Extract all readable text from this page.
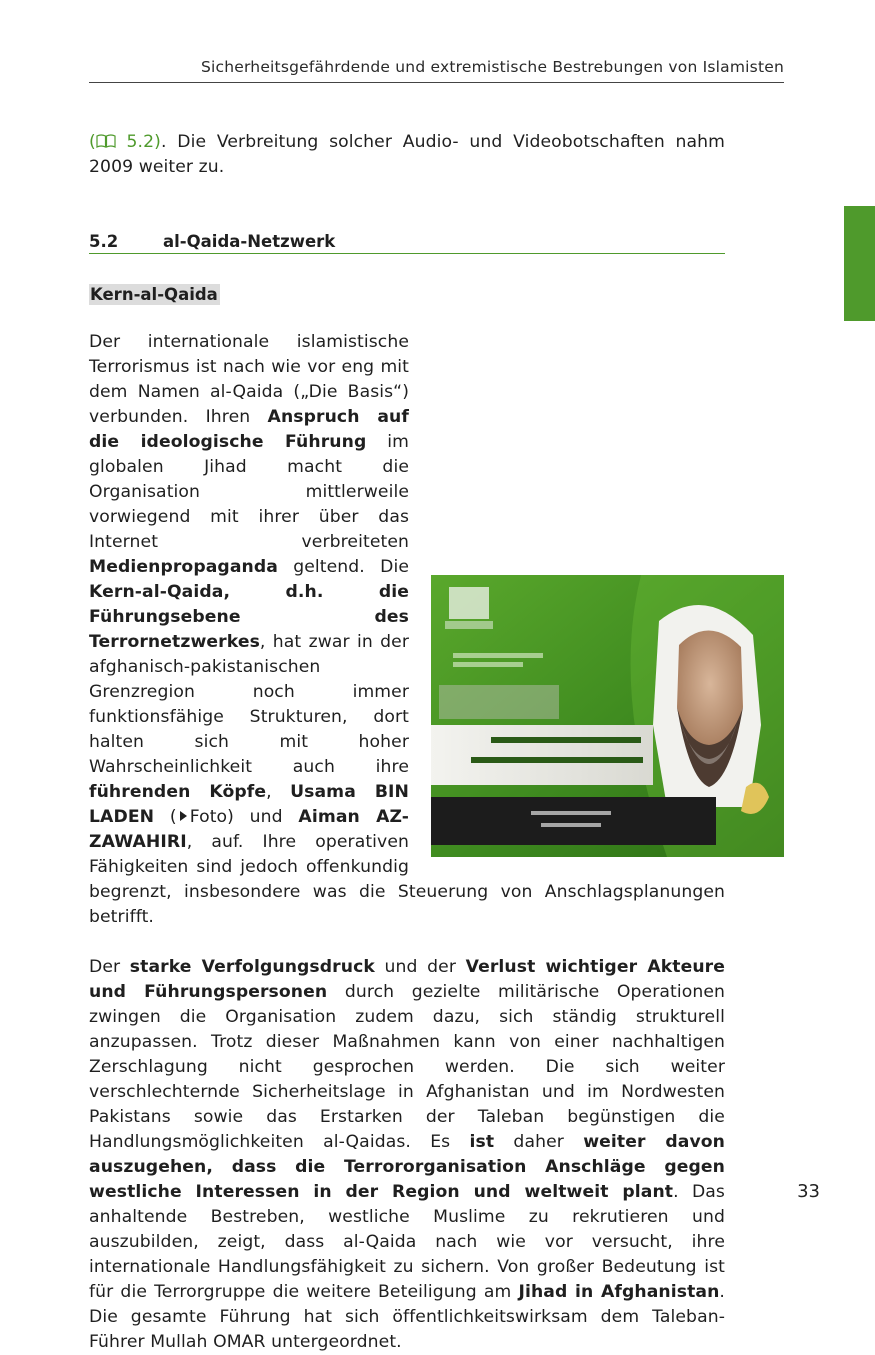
Sicherheitsgefährdende und extremistische Bestrebungen von Islamisten

( 5.2). Die Verbreitung solcher Audio- und Videobotschaften nahm 2009 weiter zu.

5.2	al-Qaida-Netzwerk
Kern-al-Qaida

Der internationale islamistische Terrorismus ist nach wie vor eng mit dem Namen al-Qaida („Die Basis“) verbunden. Ihren Anspruch auf die ideologische Führung im globalen Jihad macht die Organisation mittlerweile vorwiegend mit ihrer über das Internet verbreiteten Medienpropaganda geltend. Die Kern-al-Qaida, d.h. die Führungsebene des Terrornetzwerkes, hat zwar in der afghanisch-pakistanischen Grenzregion noch immer funktionsfähige Strukturen, dort halten sich mit hoher Wahrscheinlichkeit auch ihre führenden Köpfe, Usama BIN LADEN ( Foto) und Aiman AZ-ZAWAHIRI, auf. Ihre operativen Fähigkeiten sind jedoch offenkundig begrenzt, insbesondere was die Steuerung von Anschlagsplanungen betrifft.

Der starke Verfolgungsdruck und der Verlust wichtiger Akteure und Führungspersonen durch gezielte militärische Operationen zwingen die Organisation zudem dazu, sich ständig strukturell anzupassen. Trotz dieser Maßnahmen kann von einer nachhaltigen Zerschlagung nicht gesprochen werden. Die sich weiter verschlechternde Sicherheitslage in Afghanistan und im Nordwesten Pakistans sowie das Erstarken der Taleban begünstigen die Handlungsmöglichkeiten al-Qaidas. Es ist daher weiter davon auszugehen, dass die Terrororganisation Anschläge gegen westliche Interessen in der Region und weltweit plant. Das anhaltende Bestreben, westliche Muslime zu rekrutieren und auszubilden, zeigt, dass al-Qaida nach wie vor versucht, ihre internationale Handlungsfähigkeit zu sichern. Von großer Bedeutung ist für die Terrorgruppe die weitere Beteiligung am Jihad in Afghanistan. Die gesamte Führung hat sich öffentlichkeitswirksam dem Taleban-Führer Mullah OMAR untergeordnet.

33
